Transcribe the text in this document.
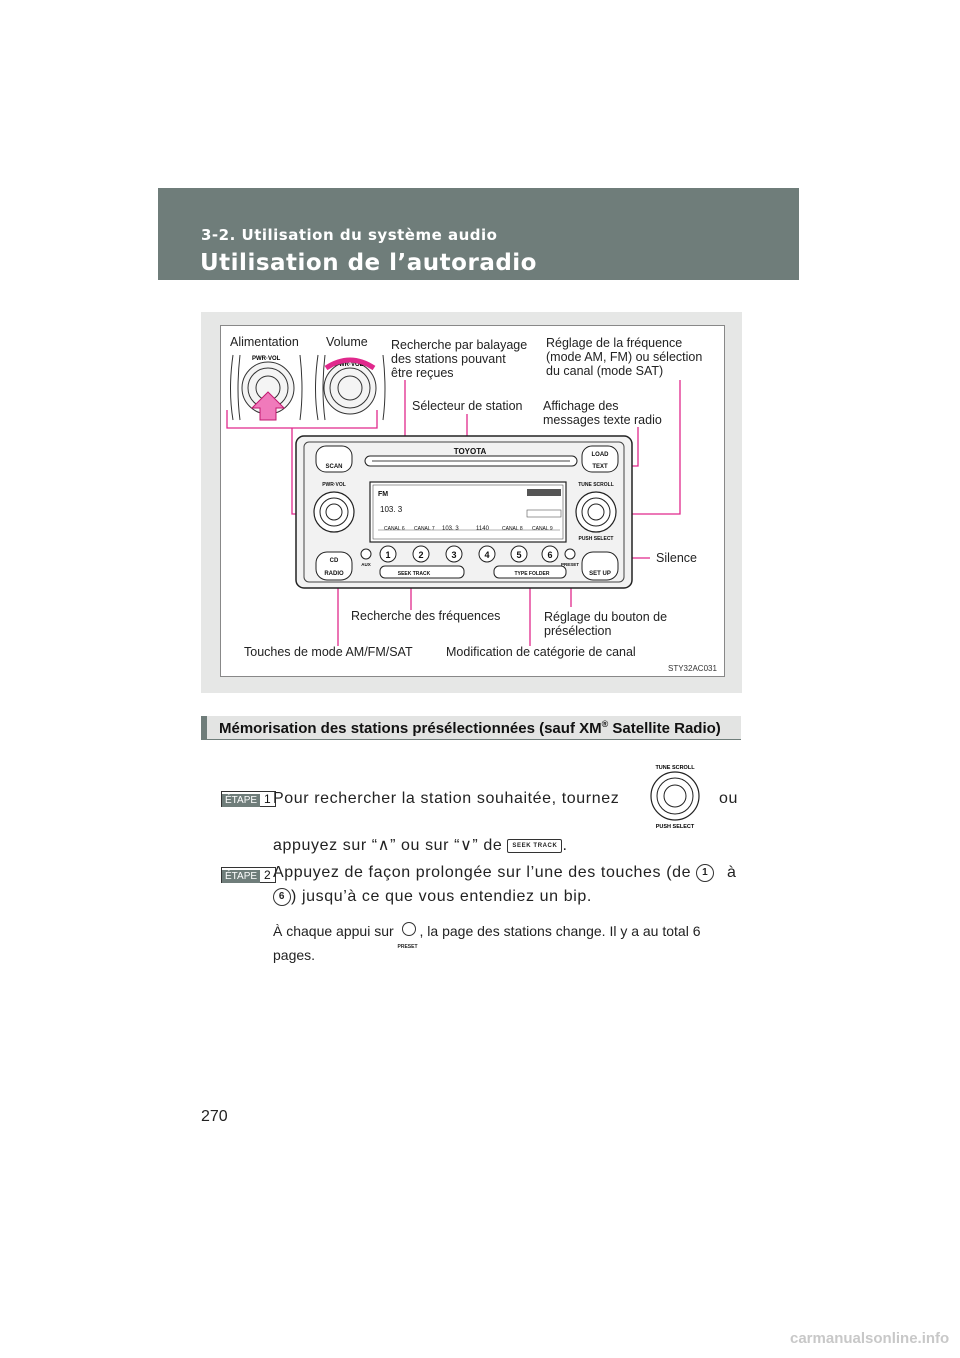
3-2. Utilisation du système audio
Utilisation de l’autoradio
PWR·VOL
PWR·VOL
1	2	3	4	5	6
TOYOTA
SCAN
LOAD
TEXT
PWR·VOL	TUNE SCROLL
PUSH SELECT
CD
RADIO	SET UP
AUX	PRESET
SEEK TRACK	TYPE FOLDER
FM
103. 3
CANAL 6 CANAL 7 103. 3	1140	CANAL 8 CANAL 9
Alimentation Volume Recherche par balayage
des stations pouvant
être reçues
Réglage de la fréquence
(mode AM, FM) ou sélection
du canal (mode SAT)
Sélecteur de station Affichage des
messages texte radio
Silence
Recherche des fréquences	Réglage du bouton de
présélection
Touches de mode AM/FM/SAT	Modification de catégorie de canal
STY32AC031
Mémorisation des stations présélectionnées (sauf XM® Satellite Radio)
ÉTAPE 1 Pour rechercher la station souhaitée, tournez	ou
TUNE SCROLL
PUSH SELECT
appuyez sur “∧” ou sur “∨” de SEEK TRACK .
ÉTAPE 2 Appuyez de façon prolongée sur l’une des touches (de 1	à
6 ) jusqu’à ce que vous entendiez un bip.
À chaque appui sur
PRESET
, la page des stations change. Il y a au total 6
pages.
270
carmanualsonline.info
